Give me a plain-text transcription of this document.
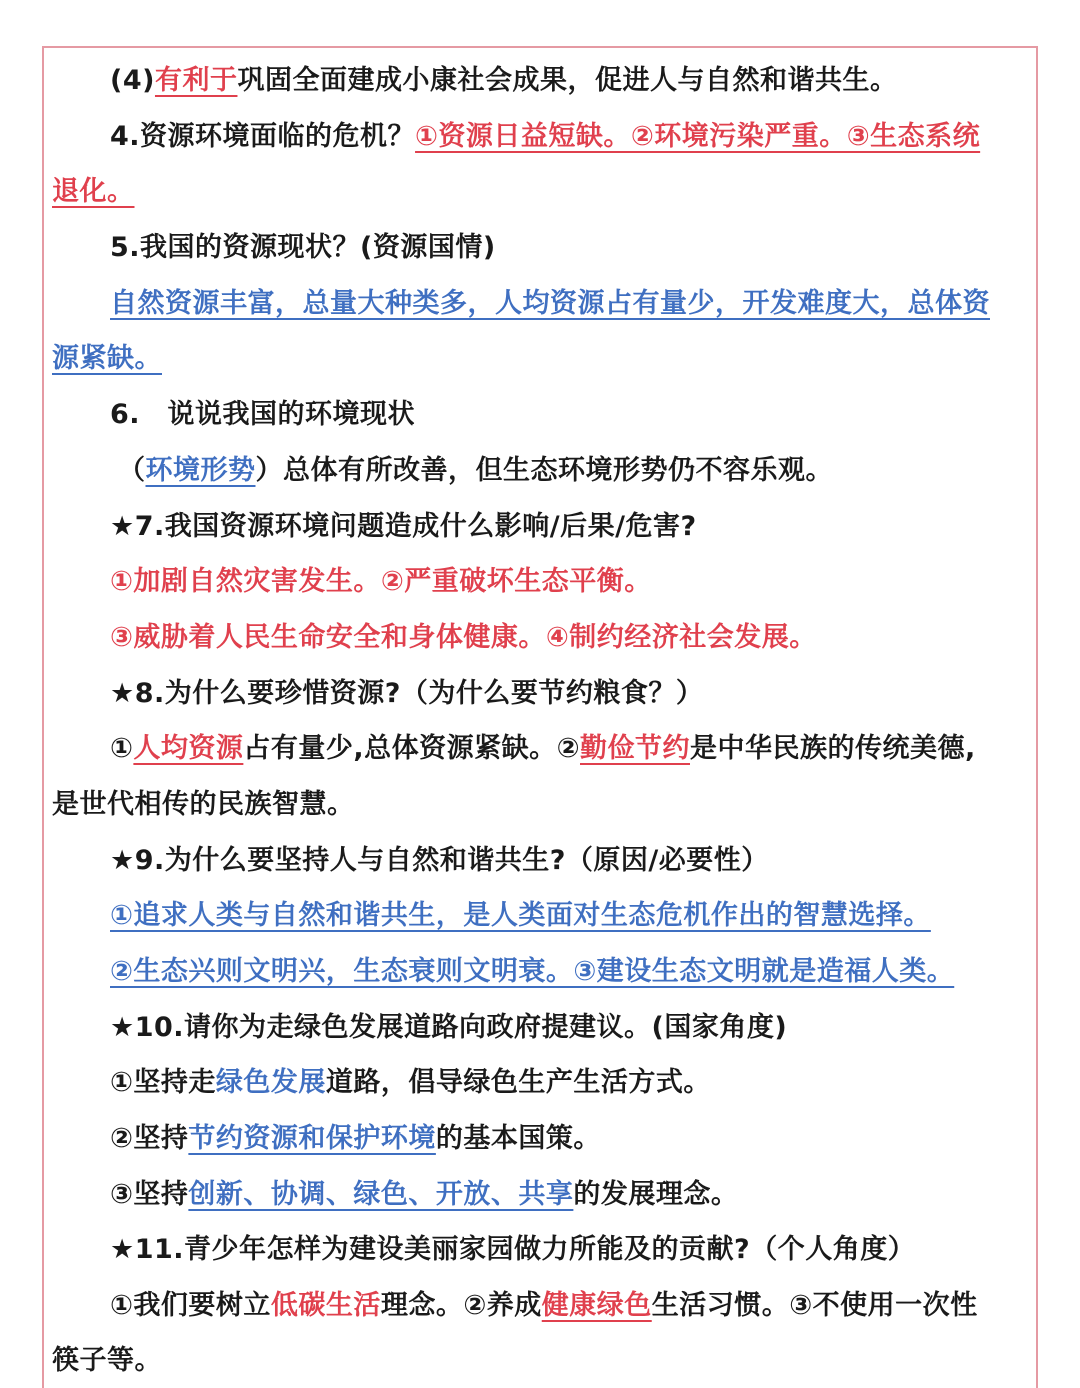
(4)有利于巩固全面建成小康社会成果，促进人与自然和谐共生。
4.资源环境面临的危机？①资源日益短缺。②环境污染严重。③生态系统
退化。
5.我国的资源现状？(资源国情)
自然资源丰富，总量大种类多，人均资源占有量少，开发难度大，总体资
源紧缺。
6.　说说我国的环境现状
（环境形势）总体有所改善，但生态环境形势仍不容乐观。
★7.我国资源环境问题造成什么影响/后果/危害?
①加剧自然灾害发生。②严重破坏生态平衡。
③威胁着人民生命安全和身体健康。④制约经济社会发展。
★8.为什么要珍惜资源?（为什么要节约粮食？）
①人均资源占有量少,总体资源紧缺。②勤俭节约是中华民族的传统美德,
是世代相传的民族智慧。
★9.为什么要坚持人与自然和谐共生?（原因/必要性）
①追求人类与自然和谐共生，是人类面对生态危机作出的智慧选择。
②生态兴则文明兴，生态衰则文明衰。③建设生态文明就是造福人类。
★10.请你为走绿色发展道路向政府提建议。(国家角度)
①坚持走绿色发展道路，倡导绿色生产生活方式。
②坚持节约资源和保护环境的基本国策。
③坚持创新、协调、绿色、开放、共享的发展理念。
★11.青少年怎样为建设美丽家园做力所能及的贡献?（个人角度）
①我们要树立低碳生活理念。②养成健康绿色生活习惯。③不使用一次性
筷子等。
